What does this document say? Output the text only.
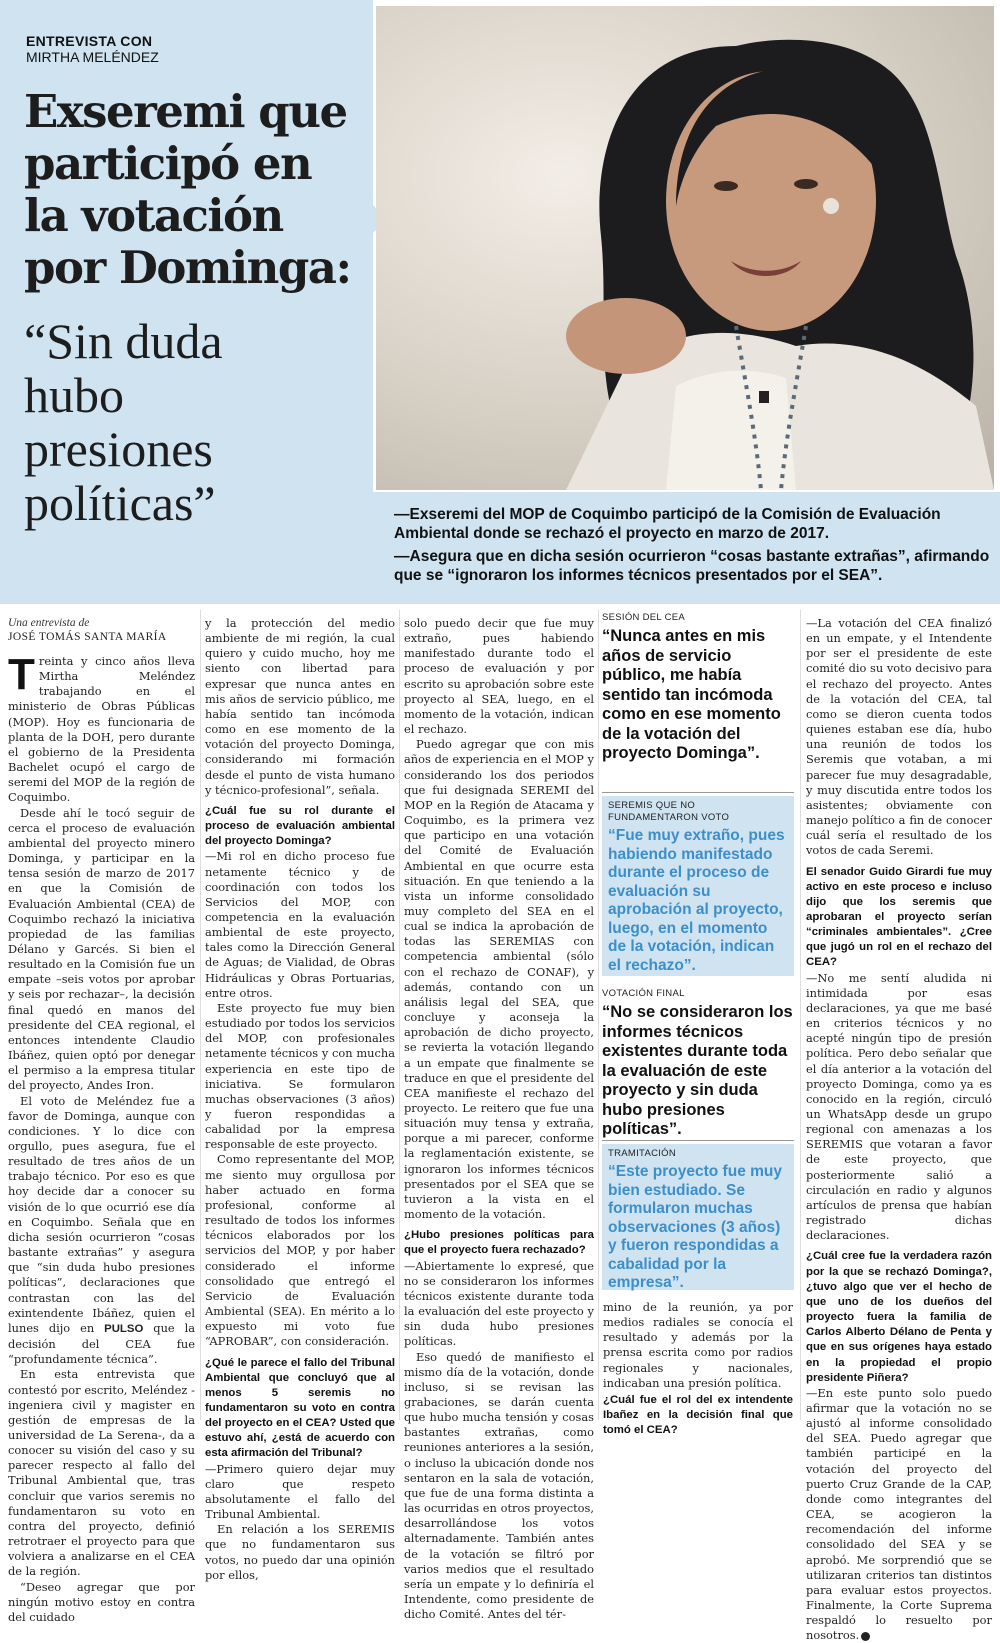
ENTREVISTA CON
MIRTHA MELÉNDEZ
Exseremi que
participó en
la votación
por Dominga:
“Sin duda
hubo
presiones
políticas”	—Exseremi del MOP de Coquimbo participó de la Comisión de Evaluación Ambiental donde se rechazó el proyecto en marzo de 2017.

—Asegura que en dicha sesión ocurrieron “cosas bastante extrañas”, afirmando que se “ignoraron los informes técnicos presentados por el SEA”.

Una entrevista de
JOSÉ TOMÁS SANTA MARÍA

Treinta y cinco años lleva Mirtha Meléndez trabajando en el ministerio de Obras Públicas (MOP). Hoy es funcionaria de planta de la DOH, pero durante el gobierno de la Presidenta Bachelet ocupó el cargo de seremi del MOP de la región de Coquimbo.

Desde ahí le tocó seguir de cerca el proceso de evaluación ambiental del proyecto minero Dominga, y participar en la tensa sesión de marzo de 2017 en que la Comisión de Evaluación Ambiental (CEA) de Coquimbo rechazó la iniciativa propiedad de las familias Délano y Garcés. Si bien el resultado en la Comisión fue un empate –seis votos por aprobar y seis por rechazar–, la decisión final quedó en manos del presidente del CEA regional, el entonces intendente Claudio Ibáñez, quien optó por denegar el permiso a la empresa titular del proyecto, Andes Iron.

El voto de Meléndez fue a favor de Dominga, aunque con condiciones. Y lo dice con orgullo, pues asegura, fue el resultado de tres años de un trabajo técnico. Por eso es que hoy decide dar a conocer su visión de lo que ocurrió ese día en Coquimbo. Señala que en dicha sesión ocurrieron “cosas bastante extrañas” y asegura que “sin duda hubo presiones políticas”, declaraciones que contrastan con las del exintendente Ibáñez, quien el lunes dijo en PULSO que la decisión del CEA fue “profundamente técnica”.

En esta entrevista que contestó por escrito, Meléndez -ingeniera civil y magister en gestión de empresas de la universidad de La Serena-, da a conocer su visión del caso y su parecer respecto al fallo del Tribunal Ambiental que, tras concluir que varios seremis no fundamentaron su voto en contra del proyecto, definió retrotraer el proyecto para que volviera a analizarse en el CEA de la región.

“Deseo agregar que por ningún motivo estoy en contra del cuidado

y la protección del medio ambiente de mi región, la cual quiero y cuido mucho, hoy me siento con libertad para expresar que nunca antes en mis años de servicio público, me había sentido tan incómoda como en ese momento de la votación del proyecto Dominga, considerando mi formación desde el punto de vista humano y técnico-profesional”, señala.

¿Cuál fue su rol durante el proceso de evaluación ambiental del proyecto Dominga?

—Mi rol en dicho proceso fue netamente técnico y de coordinación con todos los Servicios del MOP, con competencia en la evaluación ambiental de este proyecto, tales como la Dirección General de Aguas; de Vialidad, de Obras Hidráulicas y Obras Portuarias, entre otros.

Este proyecto fue muy bien estudiado por todos los servicios del MOP, con profesionales netamente técnicos y con mucha experiencia en este tipo de iniciativa. Se formularon muchas observaciones (3 años) y fueron respondidas a cabalidad por la empresa responsable de este proyecto.

Como representante del MOP, me siento muy orgullosa por haber actuado en forma profesional, conforme al resultado de todos los informes técnicos elaborados por los servicios del MOP, y por haber considerado el informe consolidado que entregó el Servicio de Evaluación Ambiental (SEA). En mérito a lo expuesto mi voto fue “APROBAR”, con consideración.

¿Qué le parece el fallo del Tribunal Ambiental que concluyó que al menos 5 seremis no fundamentaron su voto en contra del proyecto en el CEA? Usted que estuvo ahí, ¿está de acuerdo con esta afirmación del Tribunal?

—Primero quiero dejar muy claro que respeto absolutamente el fallo del Tribunal Ambiental.

En relación a los SEREMIS que no fundamentaron sus votos, no puedo dar una opinión por ellos,

solo puedo decir que fue muy extraño, pues habiendo manifestado durante todo el proceso de evaluación y por escrito su aprobación sobre este proyecto al SEA, luego, en el momento de la votación, indican el rechazo.

Puedo agregar que con mis años de experiencia en el MOP y considerando los dos periodos que fui designada SEREMI del MOP en la Región de Atacama y Coquimbo, es la primera vez que participo en una votación del Comité de Evaluación Ambiental en que ocurre esta situación. En que teniendo a la vista un informe consolidado muy completo del SEA en el cual se indica la aprobación de todas las SEREMIAS con competencia ambiental (sólo con el rechazo de CONAF), y además, contando con un análisis legal del SEA, que concluye y aconseja la aprobación de dicho proyecto, se revierta la votación llegando a un empate que finalmente se traduce en que el presidente del CEA manifieste el rechazo del proyecto. Le reitero que fue una situación muy tensa y extraña, porque a mi parecer, conforme la reglamentación existente, se ignoraron los informes técnicos presentados por el SEA que se tuvieron a la vista en el momento de la votación.

¿Hubo presiones políticas para que el proyecto fuera rechazado?

—Abiertamente lo expresé, que no se consideraron los informes técnicos existente durante toda la evaluación del este proyecto y sin duda hubo presiones políticas.

Eso quedó de manifiesto el mismo día de la votación, donde incluso, si se revisan las grabaciones, se darán cuenta que hubo mucha tensión y cosas bastantes extrañas, como reuniones anteriores a la sesión, o incluso la ubicación donde nos sentaron en la sala de votación, que fue de una forma distinta a las ocurridas en otros proyectos, desarrollándose los votos alternadamente. También antes de la votación se filtró por varios medios que el resultado sería un empate y lo definiría el Intendente, como presidente de dicho Comité. Antes del tér-

SESIÓN DEL CEA
“Nunca antes en mis años de servicio público, me había sentido tan incómoda como en ese momento de la votación del proyecto Dominga”.
SEREMIS QUE NO FUNDAMENTARON VOTO
“Fue muy extraño, pues habiendo manifestado durante el proceso de evaluación su aprobación al proyecto, luego, en el momento de la votación, indican el rechazo”.
VOTACIÓN FINAL
“No se consideraron los informes técnicos existentes durante toda la evaluación de este proyecto y sin duda hubo presiones políticas”.
TRAMITACIÓN
“Este proyecto fue muy bien estudiado. Se formularon muchas observaciones (3 años) y fueron respondidas a cabalidad por la empresa”.

mino de la reunión, ya por medios radiales se conocía el resultado y además por la prensa escrita como por radios regionales y nacionales, indicaban una presión política.

¿Cuál fue el rol del ex intendente Ibañez en la decisión final que tomó el CEA?

—La votación del CEA finalizó en un empate, y el Intendente por ser el presidente de este comité dio su voto decisivo para el rechazo del proyecto. Antes de la votación del CEA, tal como se dieron cuenta todos quienes estaban ese día, hubo una reunión de todos los Seremis que votaban, a mi parecer fue muy desagradable, y muy discutida entre todos los asistentes; obviamente con manejo político a fin de conocer cuál sería el resultado de los votos de cada Seremi.

El senador Guido Girardi fue muy activo en este proceso e incluso dijo que los seremis que aprobaran el proyecto serían “criminales ambientales”. ¿Cree que jugó un rol en el rechazo del CEA?

—No me sentí aludida ni intimidada por esas declaraciones, ya que me basé en criterios técnicos y no acepté ningún tipo de presión política. Pero debo señalar que el día anterior a la votación del proyecto Dominga, como ya es conocido en la región, circuló un WhatsApp desde un grupo regional con amenazas a los SEREMIS que votaran a favor de este proyecto, que posteriormente salió a circulación en radio y algunos artículos de prensa que habían registrado dichas declaraciones.

¿Cuál cree fue la verdadera razón por la que se rechazó Dominga?, ¿tuvo algo que ver el hecho de que uno de los dueños del proyecto fuera la familia de Carlos Alberto Délano de Penta y que en sus orígenes haya estado en la propiedad el propio presidente Piñera?

—En este punto solo puedo afirmar que la votación no se ajustó al informe consolidado del SEA. Puedo agregar que también participé en la votación del proyecto del puerto Cruz Grande de la CAP, donde como integrantes del CEA, se acogieron la recomendación del informe consolidado del SEA y se aprobó. Me sorprendió que se utilizaran criterios tan distintos para evaluar estos proyectos. Finalmente, la Corte Suprema respaldó lo resuelto por nosotros.
